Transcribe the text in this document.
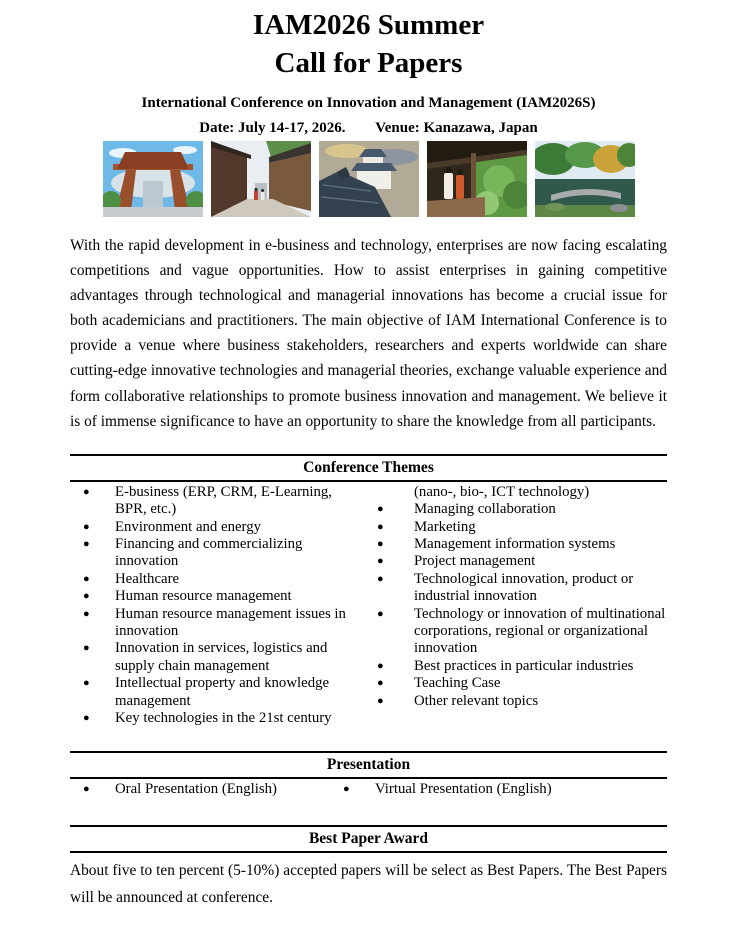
IAM2026 Summer
Call for Papers
International Conference on Innovation and Management (IAM2026S)
Date: July 14-17, 2026. Venue: Kanazawa, Japan

With the rapid development in e-business and technology, enterprises are now facing escalating competitions and vague opportunities. How to assist enterprises in gaining competitive advantages through technological and managerial innovations has become a crucial issue for both academicians and practitioners. The main objective of IAM International Conference is to provide a venue where business stakeholders, researchers and experts worldwide can share cutting-edge innovative technologies and managerial theories, exchange valuable experience and form collaborative relationships to promote business innovation and management. We believe it is of immense significance to have an opportunity to share the knowledge from all participants.

Conference Themes
● E-business (ERP, CRM, E-Learning, BPR, etc.)
● Environment and energy
● Financing and commercializing innovation
● Healthcare
● Human resource management
● Human resource management issues in innovation
● Innovation in services, logistics and supply chain management
● Intellectual property and knowledge management
● Key technologies in the 21st century
(nano-, bio-, ICT technology)
● Managing collaboration
● Marketing
● Management information systems
● Project management
● Technological innovation, product or industrial innovation
● Technology or innovation of multinational corporations, regional or organizational innovation
● Best practices in particular industries
● Teaching Case
● Other relevant topics
Presentation
● Oral Presentation (English)	● Virtual Presentation (English)
Best Paper Award

About five to ten percent (5-10%) accepted papers will be select as Best Papers. The Best Papers will be announced at conference.
